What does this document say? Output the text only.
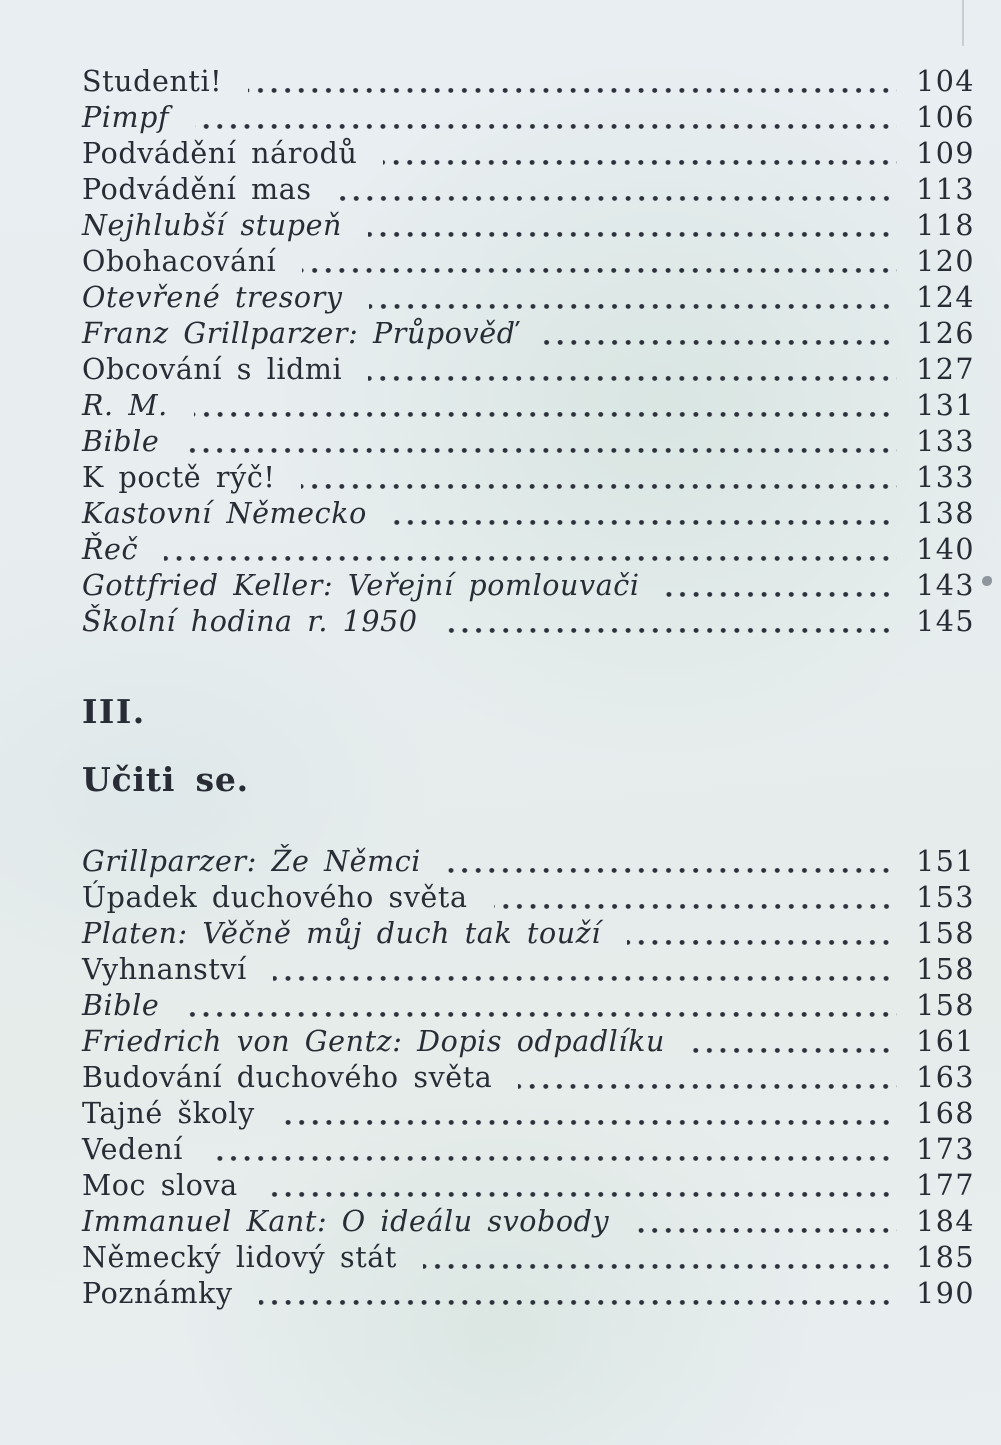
Studenti!	104
Pimpf	106
Podvádění národů	109
Podvádění mas	113
Nejhlubší stupeň	118
Obohacování	120
Otevřené tresory	124
Franz Grillparzer: Průpověď	126
Obcování s lidmi	127
R. M.	131
Bible	133
K poctě rýč!	133
Kastovní Německo	138
Řeč	140
Gottfried Keller: Veřejní pomlouvači	143
Školní hodina r. 1950	145
III.
Učiti se.
Grillparzer: Že Němci	151
Úpadek duchového světa	153
Platen: Věčně můj duch tak touží	158
Vyhnanství	158
Bible	158
Friedrich von Gentz: Dopis odpadlíku	161
Budování duchového světa	163
Tajné školy	168
Vedení	173
Moc slova	177
Immanuel Kant: O ideálu svobody	184
Německý lidový stát	185
Poznámky	190
